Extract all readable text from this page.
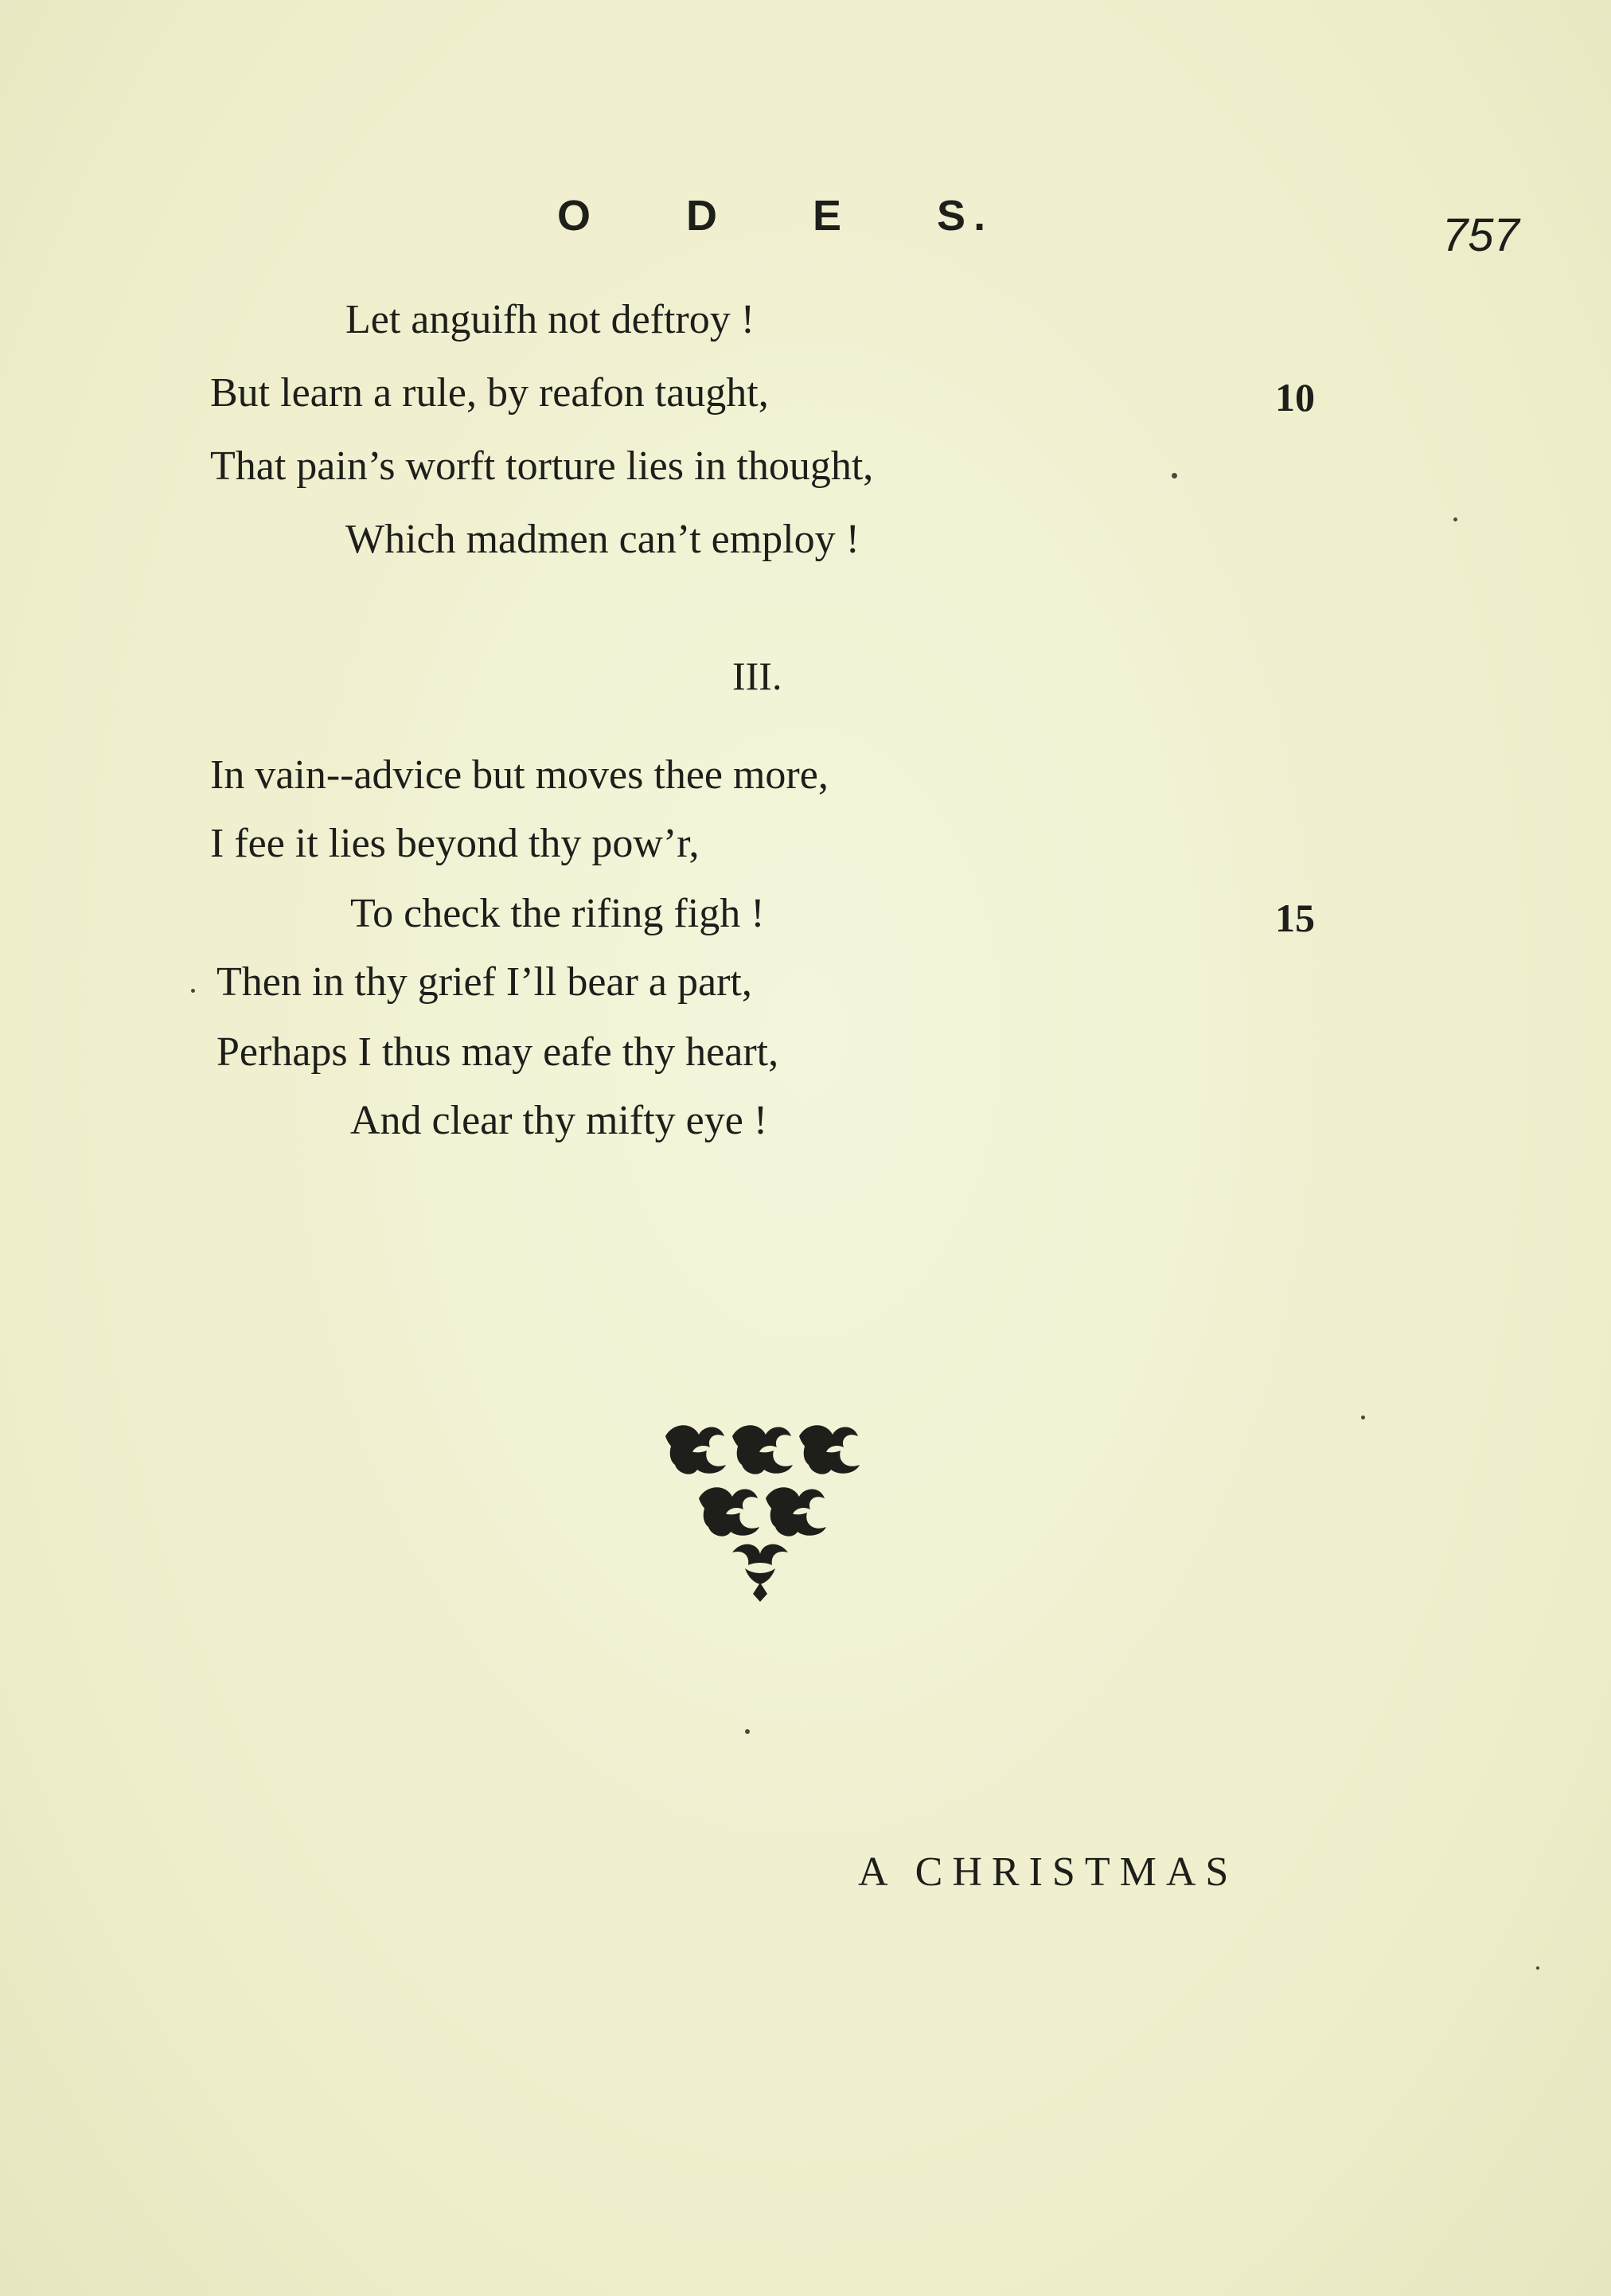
O D E S.	757

Let anguifh not deftroy !

But learn a rule, by reafon taught,	10

That pain’s worft torture lies in thought,

Which madmen can’t employ !

III.

In vain--advice but moves thee more,

I fee it lies beyond thy pow’r,

To check the rifing figh !	15

Then in thy grief I’ll bear a part,

Perhaps I thus may eafe thy heart,

And clear thy mifty eye !

A CHRISTMAS
